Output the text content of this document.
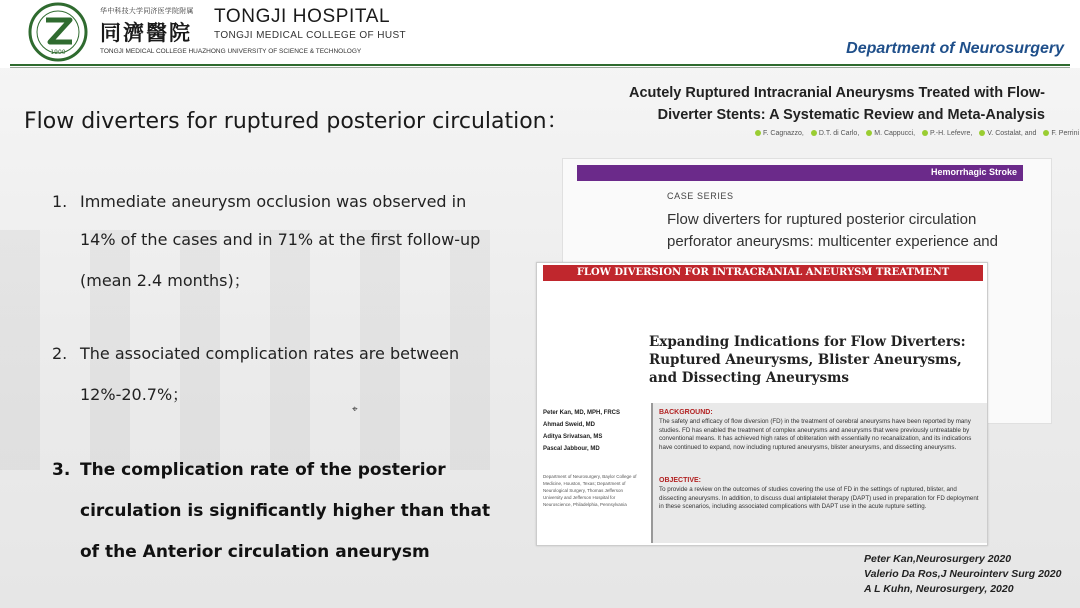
1900
华中科技大学同济医学院附属
同濟醫院
TONGJI HOSPITAL
TONGJI MEDICAL COLLEGE OF HUST
TONGJI MEDICAL COLLEGE HUAZHONG UNIVERSITY OF SCIENCE & TECHNOLOGY	Department of Neurosurgery
Flow diverters for ruptured posterior circulation：
1. Immediate aneurysm occlusion was observed in
14% of the cases and in 71% at the first follow-up
(mean 2.4 months)；
2. The associated complication rates are between
12%-20.7%；
3. The complication rate of the posterior
circulation is significantly higher than that
of the Anterior circulation aneurysm
Acutely Ruptured Intracranial Aneurysms Treated with Flow-Diverter Stents: A Systematic Review and Meta-Analysis
F. Cagnazzo, D.T. di Carlo, M. Cappucci, P.-H. Lefevre, V. Costalat, and F. Perrini
Hemorrhagic Stroke
CASE SERIES
Flow diverters for ruptured posterior circulation perforator aneurysms: multicenter experience and
FLOW DIVERSION FOR INTRACRANIAL ANEURYSM TREATMENT
Expanding Indications for Flow Diverters: Ruptured Aneurysms, Blister Aneurysms, and Dissecting Aneurysms
Peter Kan, MD, MPH, FRCS
Ahmad Sweid, MD
Aditya Srivatsan, MS
Pascal Jabbour, MD
Department of Neurosurgery, Baylor College of Medicine, Houston, Texas; Department of Neurological Surgery, Thomas Jefferson University and Jefferson Hospital for Neuroscience, Philadelphia, Pennsylvania
BACKGROUND:
The safety and efficacy of flow diversion (FD) in the treatment of cerebral aneurysms have been reported by many studies. FD has enabled the treatment of complex aneurysms and aneurysms that were previously untreatable by conventional means. It has achieved high rates of obliteration with essentially no recanalization, and its indications have continued to expand, now including ruptured aneurysms, blister aneurysms, and dissecting aneurysms.
OBJECTIVE:
To provide a review on the outcomes of studies covering the use of FD in the settings of ruptured, blister, and dissecting aneurysms. In addition, to discuss dual antiplatelet therapy (DAPT) used in preparation for FD deployment in these scenarios, including associated complications with DAPT use in the acute rupture setting.
Peter Kan,Neurosurgery 2020
Valerio Da Ros,J Neurointerv Surg 2020
A L Kuhn, Neurosurgery, 2020
⌖
